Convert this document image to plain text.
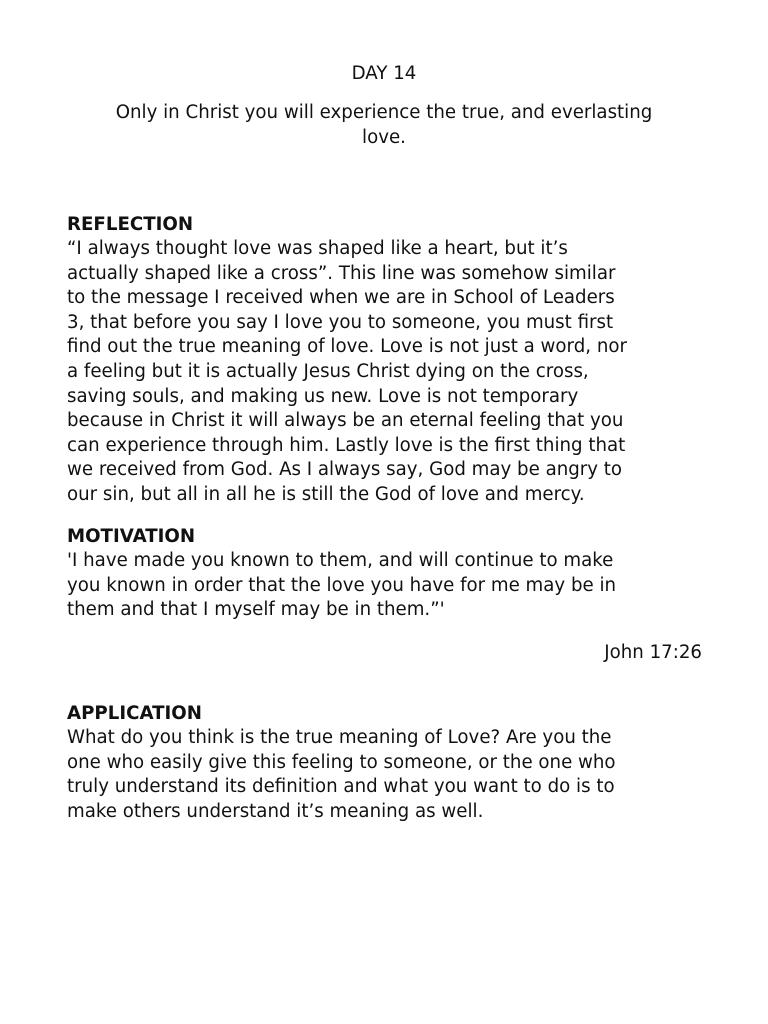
DAY 14
Only in Christ you will experience the true, and everlasting
love.
REFLECTION
“I always thought love was shaped like a heart, but it’s
actually shaped like a cross”. This line was somehow similar
to the message I received when we are in School of Leaders
3, that before you say I love you to someone, you must first
find out the true meaning of love. Love is not just a word, nor
a feeling but it is actually Jesus Christ dying on the cross,
saving souls, and making us new. Love is not temporary
because in Christ it will always be an eternal feeling that you
can experience through him. Lastly love is the first thing that
we received from God. As I always say, God may be angry to
our sin, but all in all he is still the God of love and mercy.
MOTIVATION
'I have made you known to them, and will continue to make
you known in order that the love you have for me may be in
them and that I myself may be in them.”'
John 17:26
APPLICATION
What do you think is the true meaning of Love? Are you the
one who easily give this feeling to someone, or the one who
truly understand its definition and what you want to do is to
make others understand it’s meaning as well.
